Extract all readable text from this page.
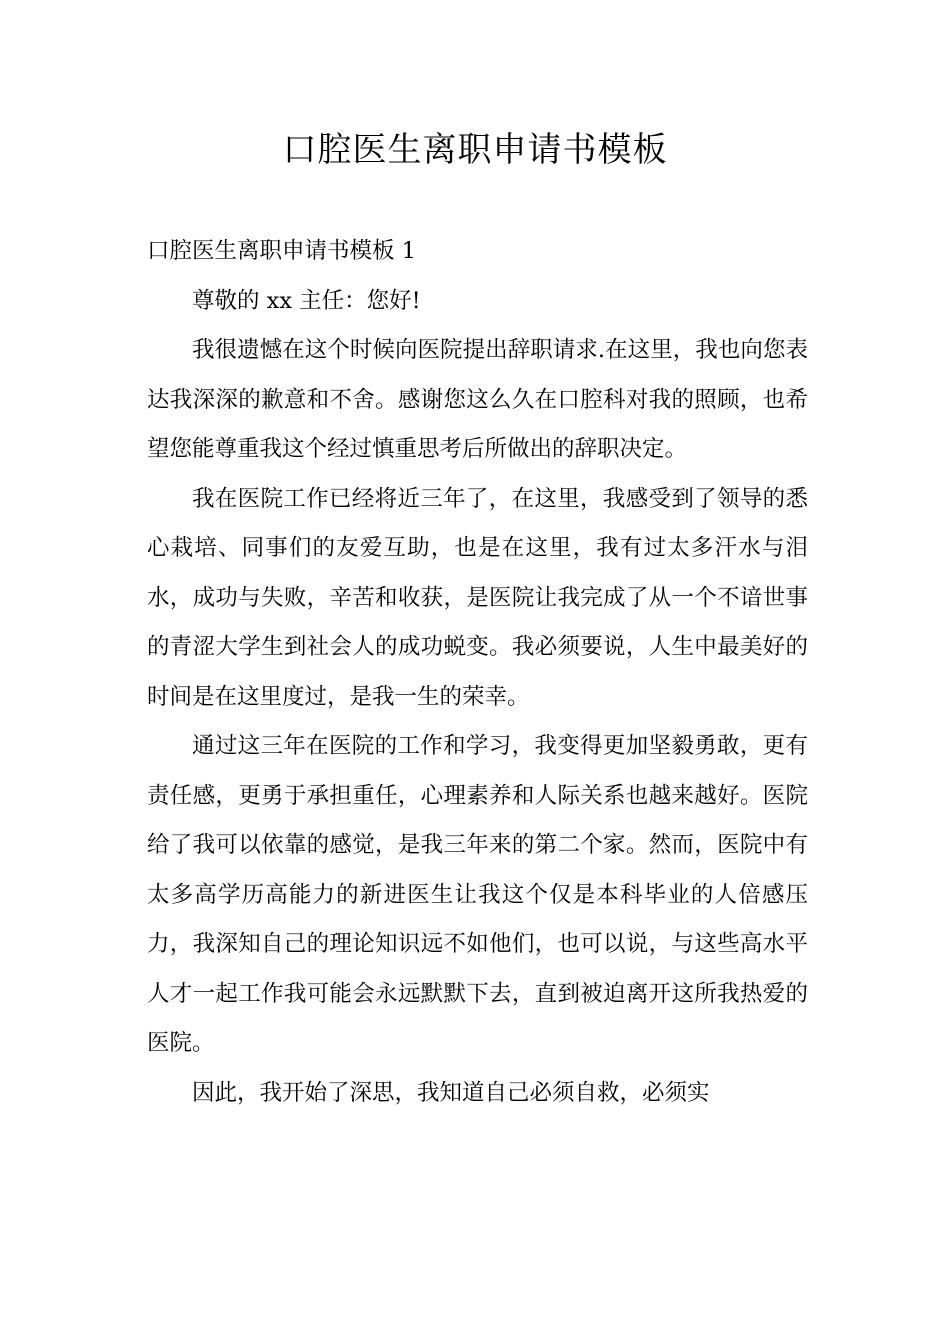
口腔医生离职申请书模板

口腔医生离职申请书模板 1

尊敬的 xx 主任：您好!

我很遗憾在这个时候向医院提出辞职请求.在这里，我也向您表达我深深的歉意和不舍。感谢您这么久在口腔科对我的照顾，也希望您能尊重我这个经过慎重思考后所做出的辞职决定。

我在医院工作已经将近三年了，在这里，我感受到了领导的悉心栽培、同事们的友爱互助，也是在这里，我有过太多汗水与泪水，成功与失败，辛苦和收获，是医院让我完成了从一个不谙世事的青涩大学生到社会人的成功蜕变。我必须要说，人生中最美好的时间是在这里度过，是我一生的荣幸。

通过这三年在医院的工作和学习，我变得更加坚毅勇敢，更有责任感，更勇于承担重任，心理素养和人际关系也越来越好。医院给了我可以依靠的感觉，是我三年来的第二个家。然而，医院中有太多高学历高能力的新进医生让我这个仅是本科毕业的人倍感压力，我深知自己的理论知识远不如他们，也可以说，与这些高水平人才一起工作我可能会永远默默下去，直到被迫离开这所我热爱的医院。

因此，我开始了深思，我知道自己必须自救，必须实
